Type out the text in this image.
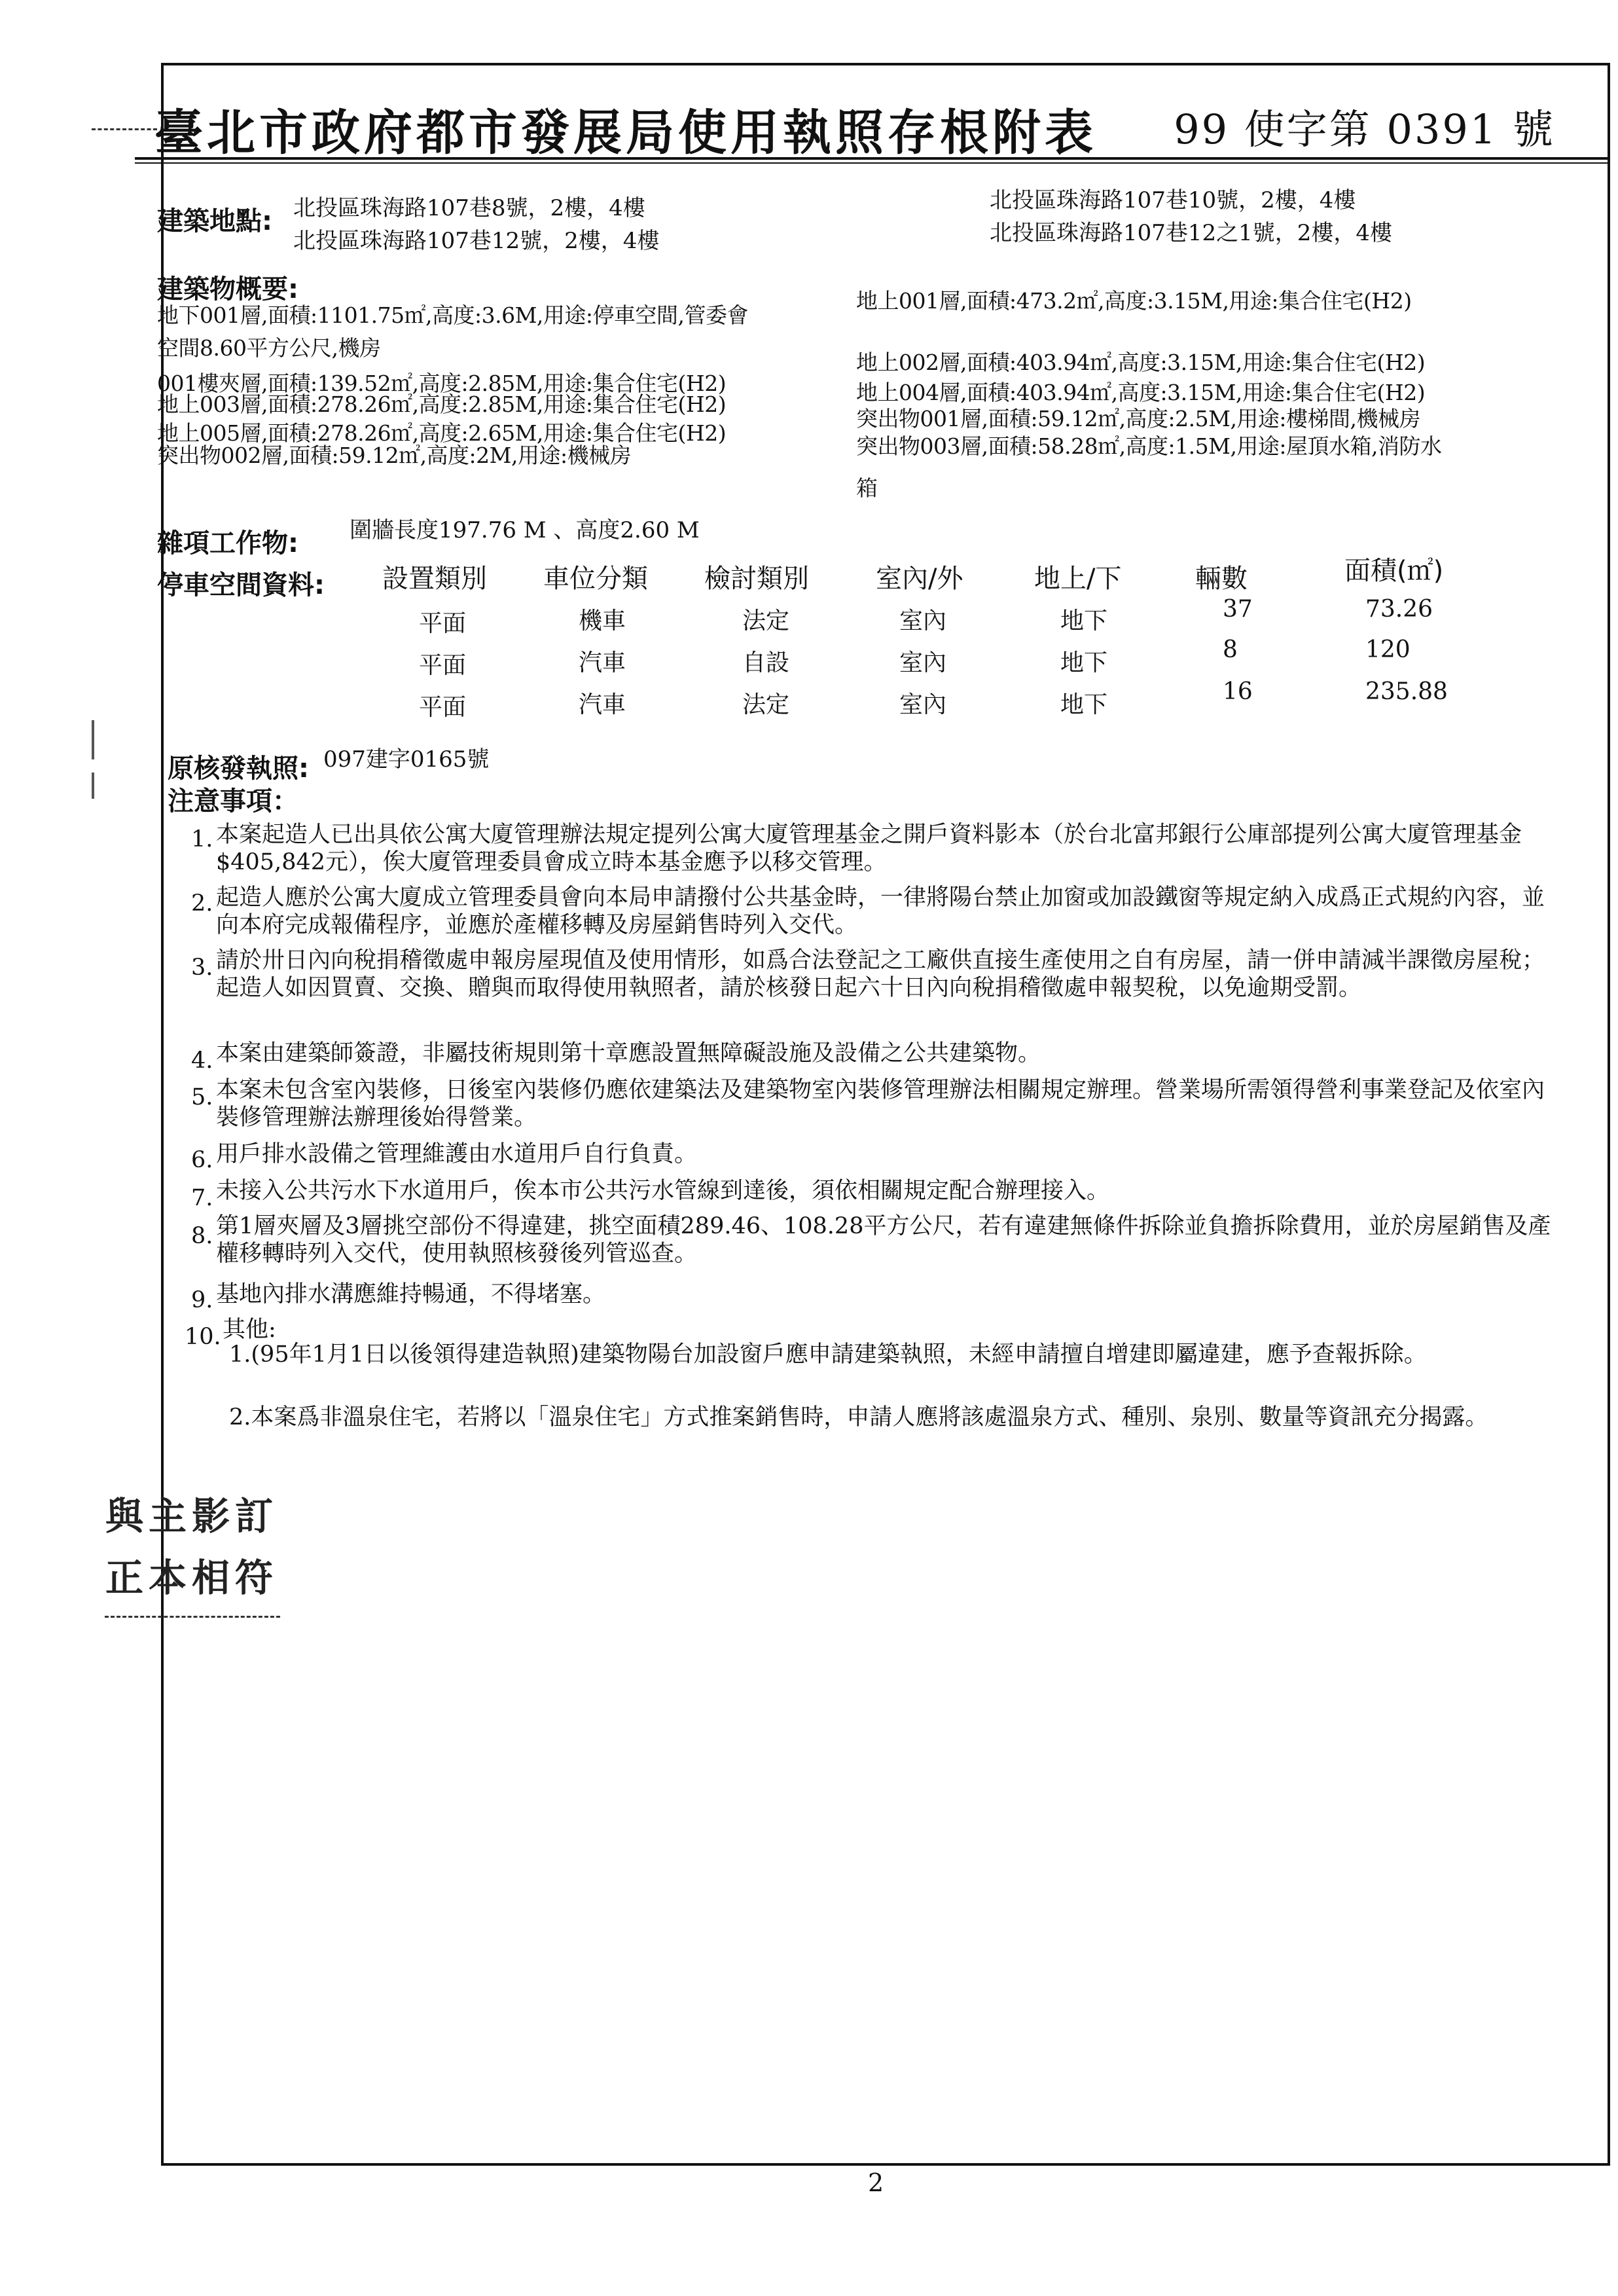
臺北市政府都市發展局使用執照存根附表 99 使字第 0391 號
建築地點: 北投區珠海路107巷8號，2樓，4樓	北投區珠海路107巷10號，2樓，4樓
北投區珠海路107巷12號，2樓，4樓	北投區珠海路107巷12之1號，2樓，4樓
建築物概要:
地下001層,面積:1101.75㎡,高度:3.6M,用途:停車空間,管委會
空間8.60平方公尺,機房
001樓夾層,面積:139.52㎡,高度:2.85M,用途:集合住宅(H2)
地上003層,面積:278.26㎡,高度:2.85M,用途:集合住宅(H2)
地上005層,面積:278.26㎡,高度:2.65M,用途:集合住宅(H2)
突出物002層,面積:59.12㎡,高度:2M,用途:機械房
地上001層,面積:473.2㎡,高度:3.15M,用途:集合住宅(H2)
地上002層,面積:403.94㎡,高度:3.15M,用途:集合住宅(H2)
地上004層,面積:403.94㎡,高度:3.15M,用途:集合住宅(H2)
突出物001層,面積:59.12㎡,高度:2.5M,用途:樓梯間,機械房
突出物003層,面積:58.28㎡,高度:1.5M,用途:屋頂水箱,消防水
箱
雜項工作物: 圍牆長度197.76 M 、高度2.60 M
停車空間資料: 設置類別 車位分類 檢討類別	室內/外	地上/下	輛數	面積(㎡)
平面	機車	法定	室內	地下	37	73.26
平面	汽車	自設	室內	地下	8	120
平面	汽車	法定	室內	地下	16	235.88
原核發執照: 097建字0165號
注意事項：
1. 本案起造人已出具依公寓大廈管理辦法規定提列公寓大廈管理基金之開戶資料影本（於台北富邦銀行公庫部提列公寓大廈管理基金$405,842元），俟大廈管理委員會成立時本基金應予以移交管理。
2. 起造人應於公寓大廈成立管理委員會向本局申請撥付公共基金時，一律將陽台禁止加窗或加設鐵窗等規定納入成爲正式規約內容，並向本府完成報備程序，並應於產權移轉及房屋銷售時列入交代。
3. 請於卅日內向稅捐稽徵處申報房屋現值及使用情形，如爲合法登記之工廠供直接生產使用之自有房屋，請一併申請減半課徵房屋稅；起造人如因買賣、交換、贈與而取得使用執照者，請於核發日起六十日內向稅捐稽徵處申報契稅，以免逾期受罰。
4. 本案由建築師簽證，非屬技術規則第十章應設置無障礙設施及設備之公共建築物。
5. 本案未包含室內裝修，日後室內裝修仍應依建築法及建築物室內裝修管理辦法相關規定辦理。營業場所需領得營利事業登記及依室內裝修管理辦法辦理後始得營業。
6. 用戶排水設備之管理維護由水道用戶自行負責。
7. 未接入公共污水下水道用戶，俟本市公共污水管線到達後，須依相關規定配合辦理接入。
8. 第1層夾層及3層挑空部份不得違建，挑空面積289.46、108.28平方公尺，若有違建無條件拆除並負擔拆除費用，並於房屋銷售及產權移轉時列入交代，使用執照核發後列管巡查。
9. 基地內排水溝應維持暢通，不得堵塞。
10. 其他:
1.(95年1月1日以後領得建造執照)建築物陽台加設窗戶應申請建築執照，未經申請擅自增建即屬違建，應予查報拆除。
2.本案爲非溫泉住宅，若將以「溫泉住宅」方式推案銷售時，申請人應將該處溫泉方式、種別、泉別、數量等資訊充分揭露。
與 主 影 訂
正 本 相 符
2
